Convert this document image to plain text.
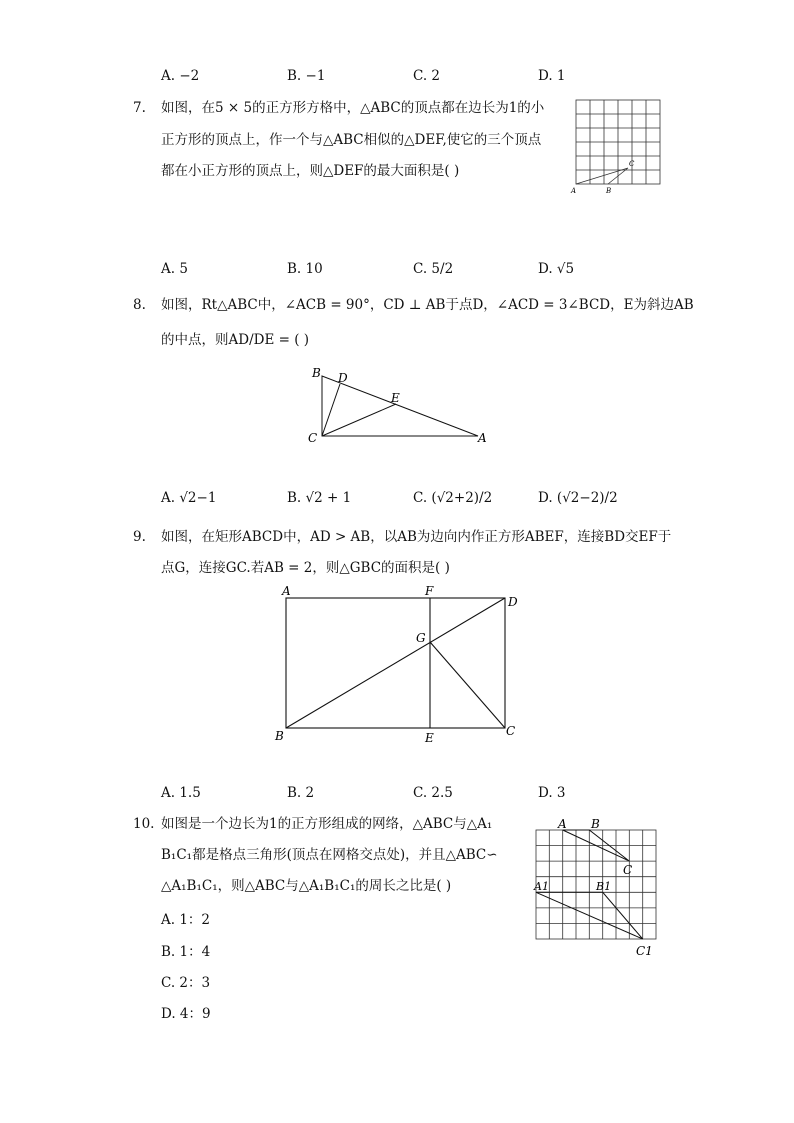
A. −2	B. −1	C. 2	D. 1
7. 如图，在5 × 5的正方形方格中，△ABC的顶点都在边长为1的小
正方形的顶点上，作一个与△ABC相似的△DEF,使它的三个顶点
都在小正方形的顶点上，则△DEF的最大面积是( )
A	B
C
A. 5	B. 10	C. 5/2	D. √5
8. 如图，Rt△ABC中，∠ACB = 90°，CD ⊥ AB于点D，∠ACD = 3∠BCD，E为斜边AB
的中点，则AD/DE = ( )
B D
E
C	A
A. √2−1	B. √2 + 1	C. (√2+2)/2	D. (√2−2)/2
9. 如图，在矩形ABCD中，AD > AB，以AB为边向内作正方形ABEF，连接BD交EF于
点G，连接GC.若AB = 2，则△GBC的面积是( )
A	F
D
G
B	E	C
A. 1.5	B. 2	C. 2.5	D. 3
10. 如图是一个边长为1的正方形组成的网络，△ABC与△A₁
B₁C₁都是格点三角形(顶点在网格交点处)，并且△ABC∽
△A₁B₁C₁，则△ABC与△A₁B₁C₁的周长之比是( )
A. 1：2
B. 1：4
C. 2：3
D. 4：9
A B
C
A1	B1
C1
